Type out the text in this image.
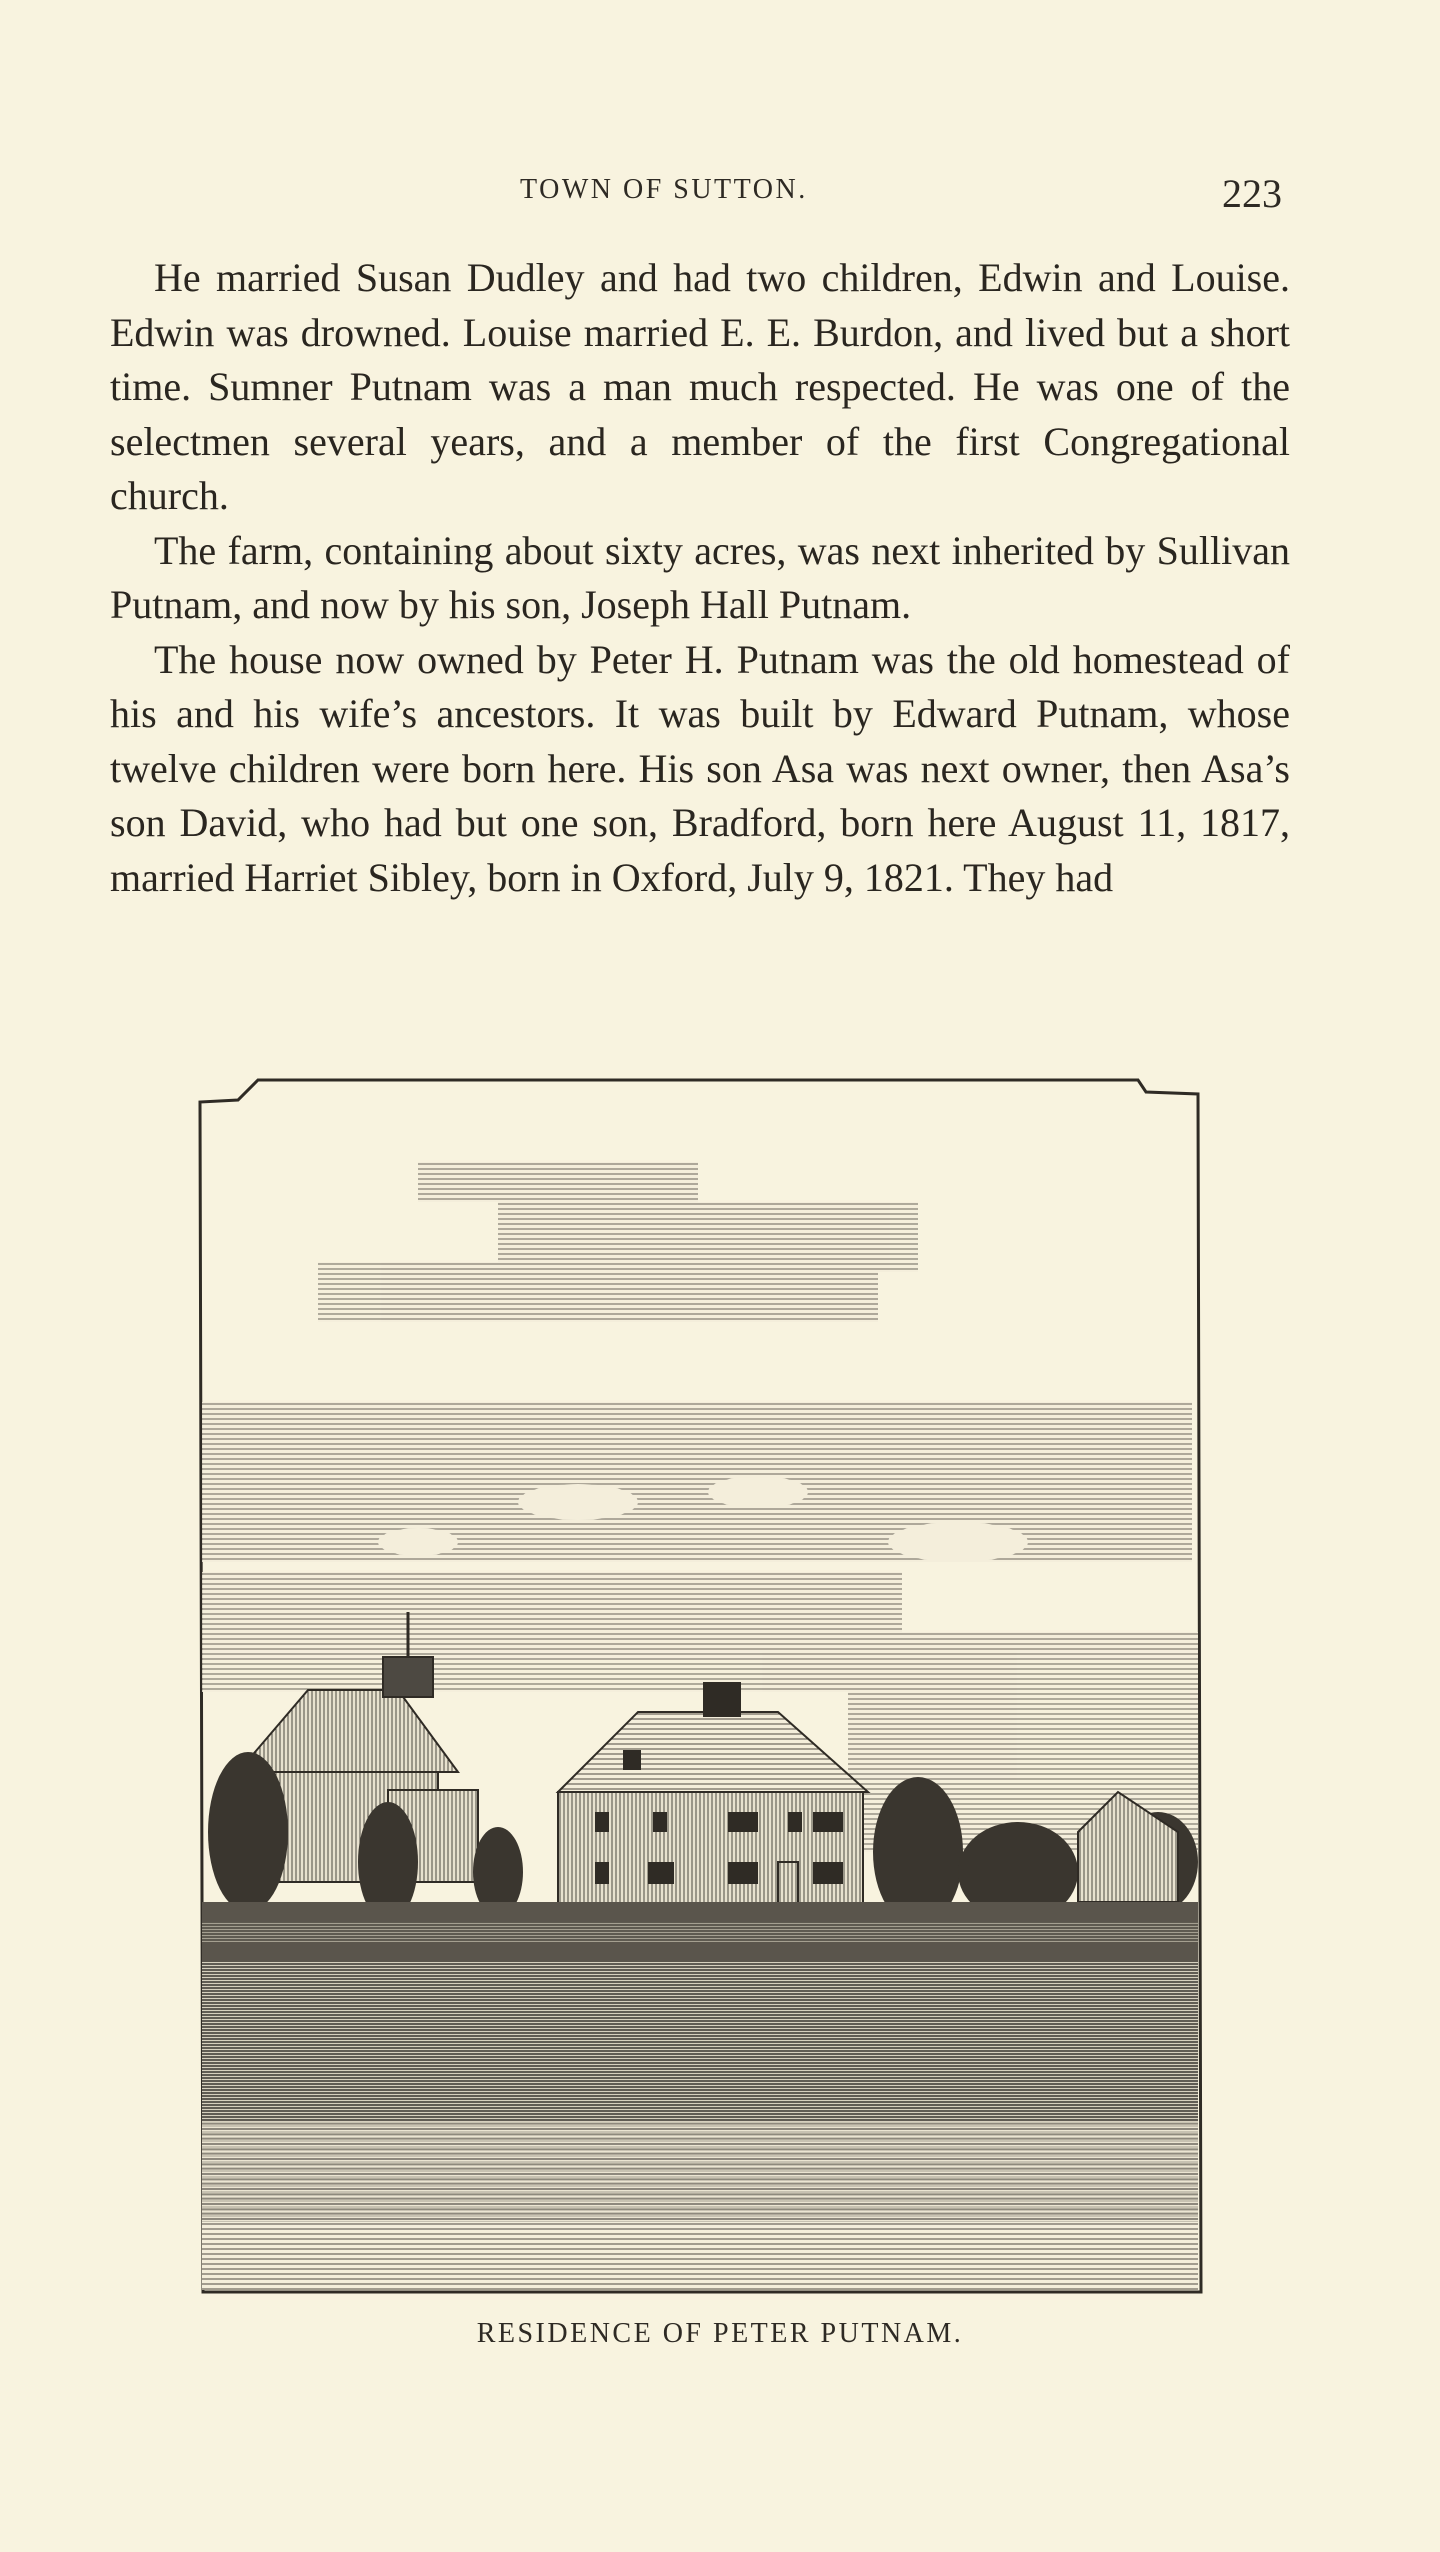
TOWN OF SUTTON.	223

He married Susan Dudley and had two children, Edwin and Louise. Edwin was drowned. Louise married E. E. Burdon, and lived but a short time. Sumner Putnam was a man much respected. He was one of the selectmen several years, and a member of the first Congregational church.

The farm, containing about sixty acres, was next inherited by Sullivan Putnam, and now by his son, Joseph Hall Putnam.

The house now owned by Peter H. Putnam was the old homestead of his and his wife’s ancestors. It was built by Edward Putnam, whose twelve children were born here. His son Asa was next owner, then Asa’s son David, who had but one son, Bradford, born here August 11, 1817, married Harriet Sibley, born in Oxford, July 9, 1821. They had

RESIDENCE OF PETER PUTNAM.
